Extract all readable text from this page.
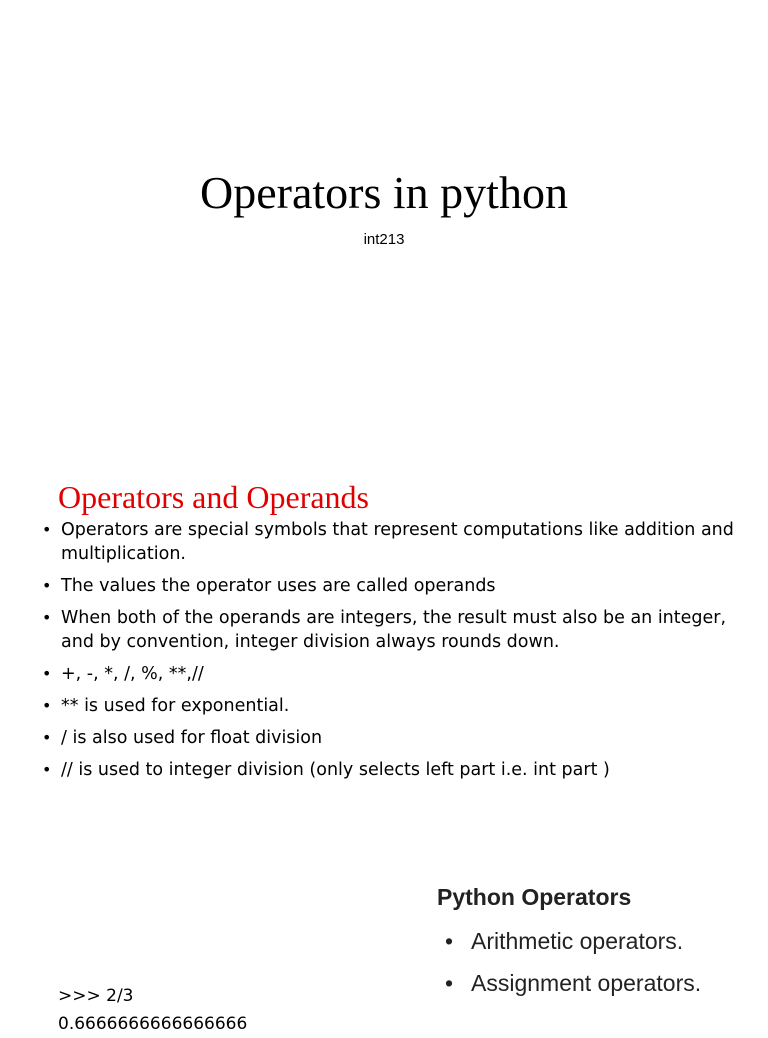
Operators in python
int213
Operators and Operands
• Operators are special symbols that represent computations like addition and multiplication.
• The values the operator uses are called operands
• When both of the operands are integers, the result must also be an integer, and by convention, integer division always rounds down.
• +, -, *, /, %, **,//
• ** is used for exponential.
• / is also used for float division
• // is used to integer division (only selects left part i.e. int part )
Python Operators
• Arithmetic operators.
• Assignment operators.
>>> 2/3
0.6666666666666666
